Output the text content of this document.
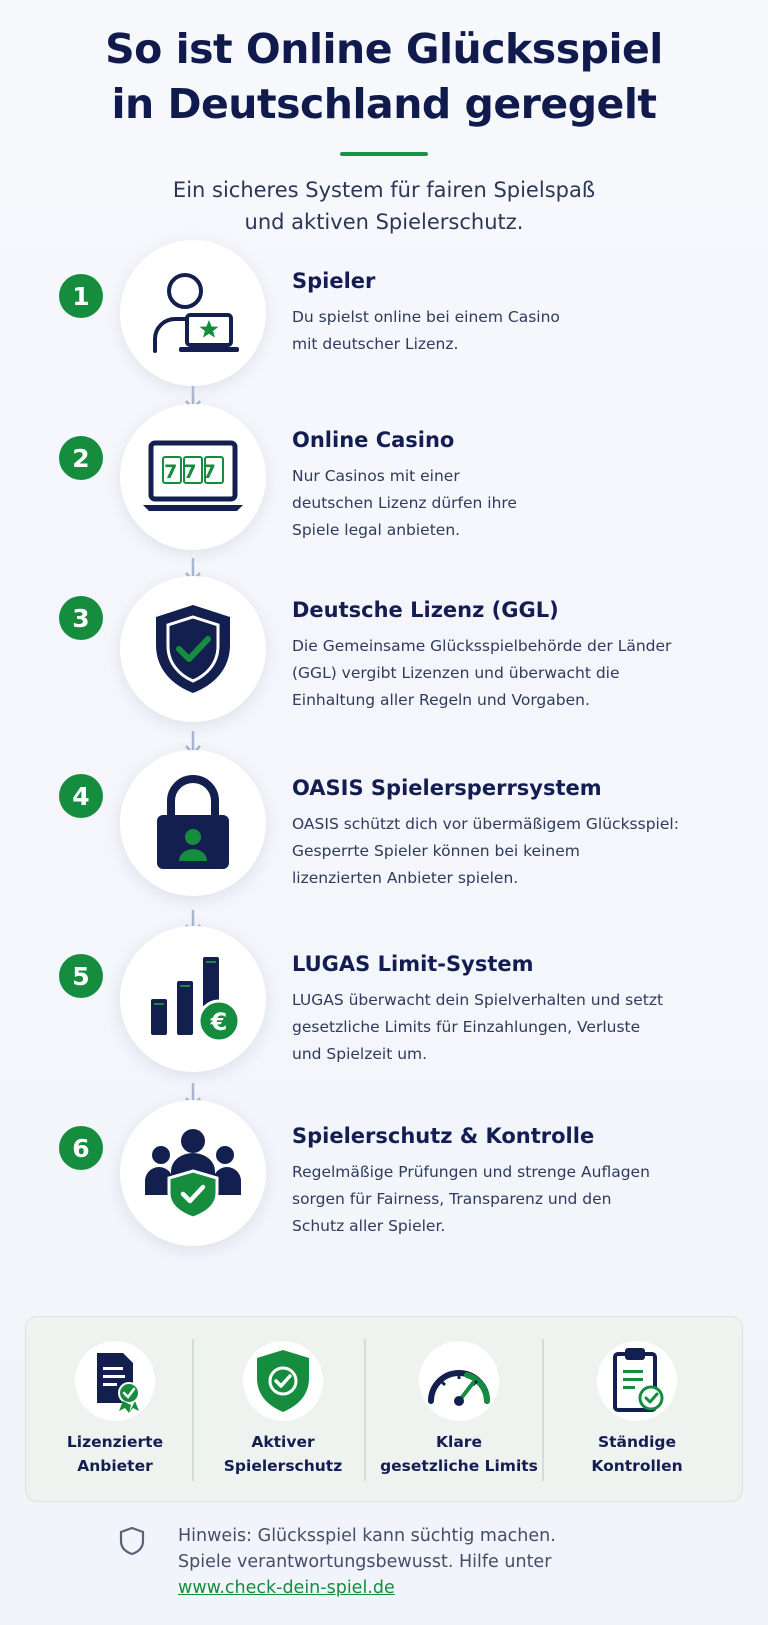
So ist Online Glücksspiel
in Deutschland geregelt

Ein sicheres System für fairen Spielspaß
und aktiven Spielerschutz.

1
Spieler
Du spielst online bei einem Casino
mit deutscher Lizenz.
2	777
Online Casino
Nur Casinos mit einer
deutschen Lizenz dürfen ihre
Spiele legal anbieten.
3	Deutsche Lizenz (GGL)
Die Gemeinsame Glücksspielbehörde der Länder
(GGL) vergibt Lizenzen und überwacht die
Einhaltung aller Regeln und Vorgaben.
4	OASIS Spielersperrsystem
OASIS schützt dich vor übermäßigem Glücksspiel:
Gesperrte Spieler können bei keinem
lizenzierten Anbieter spielen.
5
€
LUGAS Limit-System
LUGAS überwacht dein Spielverhalten und setzt
gesetzliche Limits für Einzahlungen, Verluste
und Spielzeit um.
6	Spielerschutz & Kontrolle
Regelmäßige Prüfungen und strenge Auflagen
sorgen für Fairness, Transparenz und den
Schutz aller Spieler.
Lizenzierte
Anbieter
Aktiver
Spielerschutz
Klare
gesetzliche Limits
Ständige
Kontrollen
Hinweis: Glücksspiel kann süchtig machen.
Spiele verantwortungsbewusst. Hilfe unter
www.check-dein-spiel.de
